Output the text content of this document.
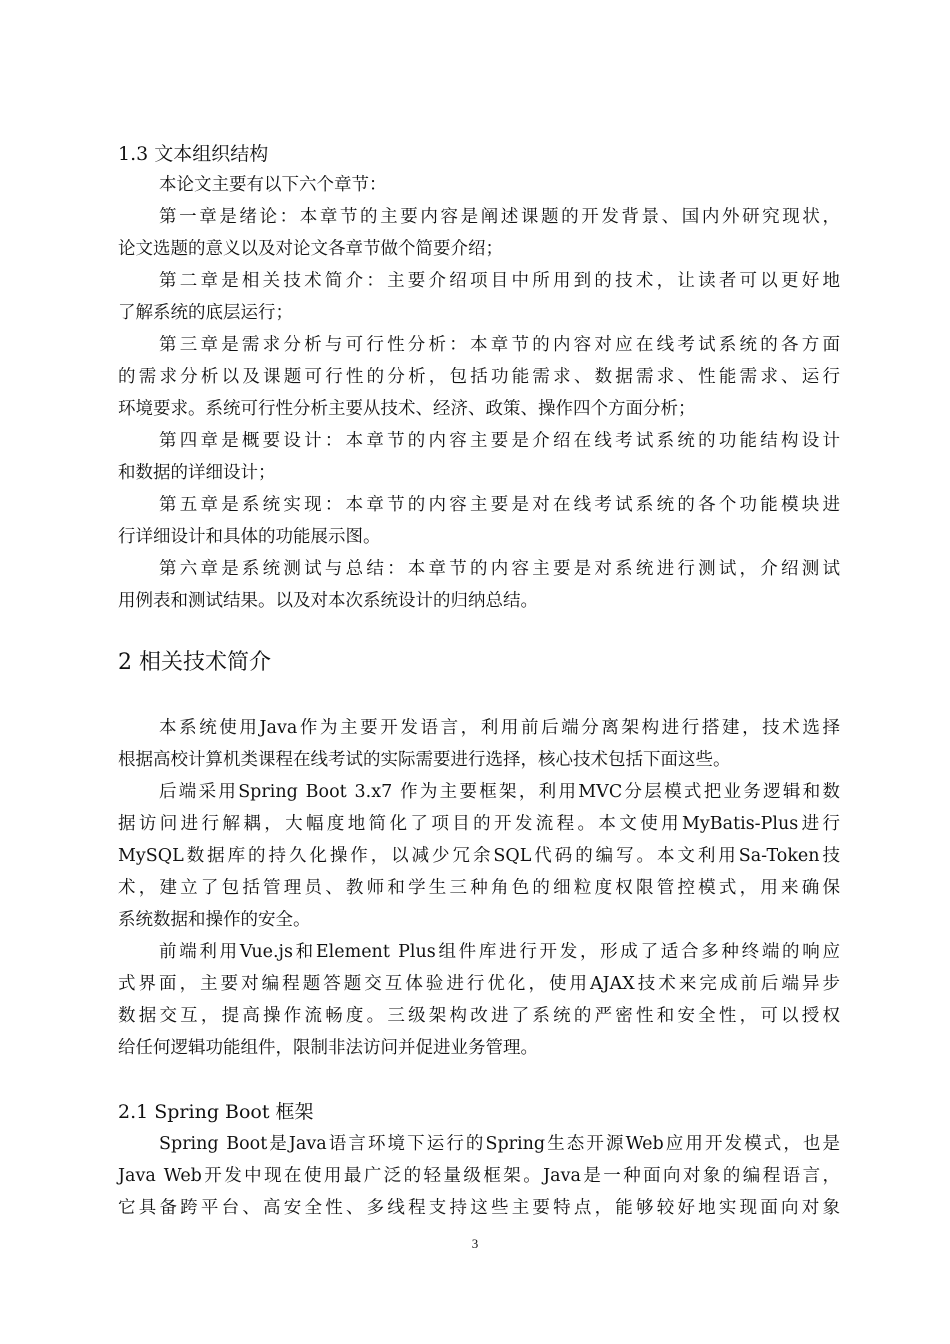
1.3 文本组织结构
本论文主要有以下六个章节：
第一章是绪论：本章节的主要内容是阐述课题的开发背景、国内外研究现状，
论文选题的意义以及对论文各章节做个简要介绍；
第二章是相关技术简介：主要介绍项目中所用到的技术，让读者可以更好地
了解系统的底层运行；
第三章是需求分析与可行性分析：本章节的内容对应在线考试系统的各方面
的需求分析以及课题可行性的分析，包括功能需求、数据需求、性能需求、运行
环境要求。系统可行性分析主要从技术、经济、政策、操作四个方面分析；
第四章是概要设计：本章节的内容主要是介绍在线考试系统的功能结构设计
和数据的详细设计；
第五章是系统实现：本章节的内容主要是对在线考试系统的各个功能模块进
行详细设计和具体的功能展示图。
第六章是系统测试与总结：本章节的内容主要是对系统进行测试，介绍测试
用例表和测试结果。以及对本次系统设计的归纳总结。
2 相关技术简介
本系统使用Java作为主要开发语言，利用前后端分离架构进行搭建，技术选择
根据高校计算机类课程在线考试的实际需要进行选择，核心技术包括下面这些。
后端采用Spring Boot 3.x7 作为主要框架，利用MVC分层模式把业务逻辑和数
据访问进行解耦，大幅度地简化了项目的开发流程。本文使用MyBatis-Plus进行
MySQL数据库的持久化操作，以减少冗余SQL代码的编写。本文利用Sa-Token技
术，建立了包括管理员、教师和学生三种角色的细粒度权限管控模式，用来确保
系统数据和操作的安全。
前端利用Vue.js和Element Plus组件库进行开发，形成了适合多种终端的响应
式界面，主要对编程题答题交互体验进行优化，使用AJAX技术来完成前后端异步
数据交互，提高操作流畅度。三级架构改进了系统的严密性和安全性，可以授权
给任何逻辑功能组件，限制非法访问并促进业务管理。
2.1 Spring Boot 框架
Spring Boot是Java语言环境下运行的Spring生态开源Web应用开发模式，也是
Java Web开发中现在使用最广泛的轻量级框架。Java是一种面向对象的编程语言，
它具备跨平台、高安全性、多线程支持这些主要特点，能够较好地实现面向对象
3
